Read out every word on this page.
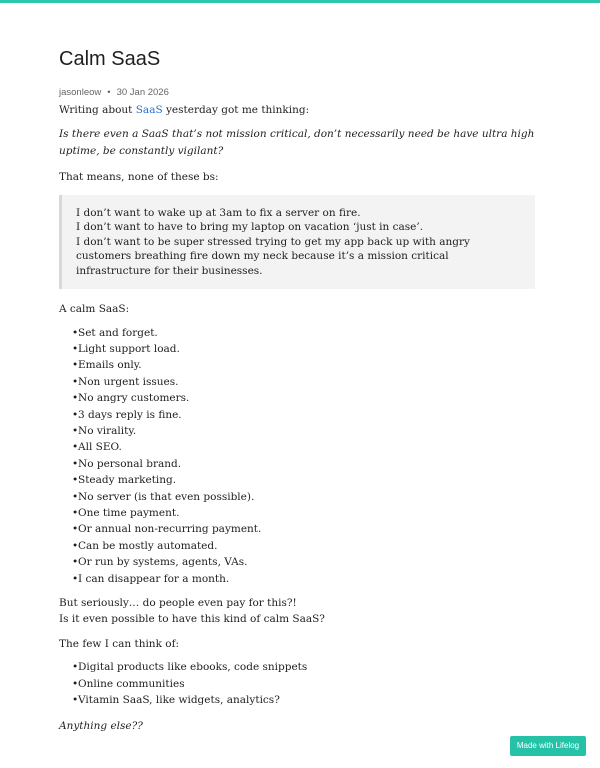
Calm SaaS
jasonleow • 30 Jan 2026

Writing about SaaS yesterday got me thinking:

Is there even a SaaS that’s not mission critical, don’t necessarily need be have ultra high uptime, be constantly vigilant?

That means, none of these bs:

I don’t want to wake up at 3am to fix a server on fire.

I don’t want to have to bring my laptop on vacation ‘just in case’.

I don’t want to be super stressed trying to get my app back up with angry customers breathing fire down my neck because it’s a mission critical infrastructure for their businesses.

A calm SaaS:

•Set and forget.
•Light support load.
•Emails only.
•Non urgent issues.
•No angry customers.
•3 days reply is fine.
•No virality.
•All SEO.
•No personal brand.
•Steady marketing.
•No server (is that even possible).
•One time payment.
•Or annual non-recurring payment.
•Can be mostly automated.
•Or run by systems, agents, VAs.
•I can disappear for a month.

But seriously… do people even pay for this?!
Is it even possible to have this kind of calm SaaS?

The few I can think of:

•Digital products like ebooks, code snippets
•Online communities
•Vitamin SaaS, like widgets, analytics?

Anything else??

Made with Lifelog
